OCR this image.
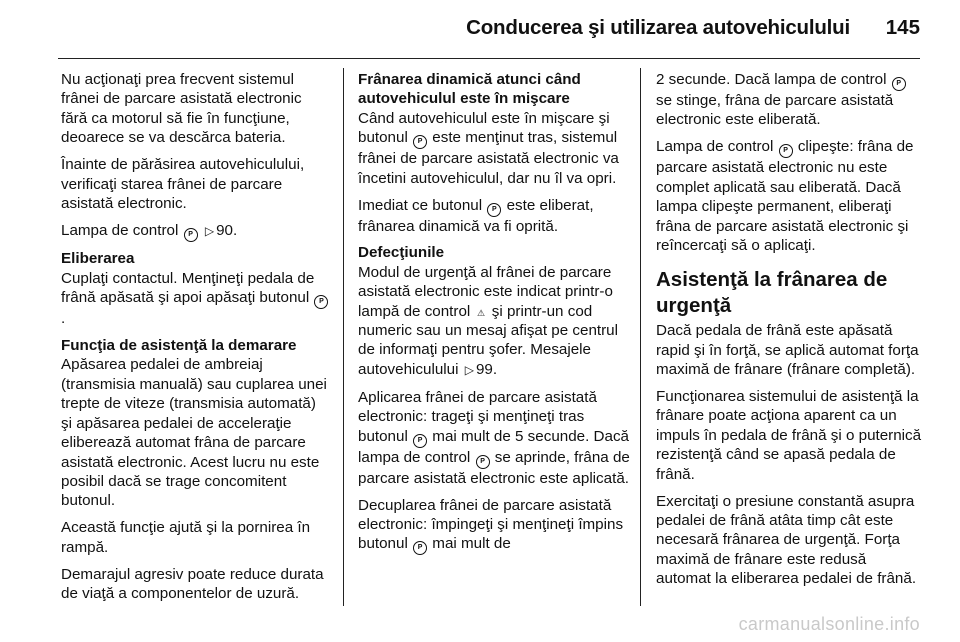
Conducerea şi utilizarea autovehiculului 145

Nu acţionaţi prea frecvent sistemul frânei de parcare asistată electronic fără ca motorul să fie în funcţiune, deoarece se va descărca bateria.

Înainte de părăsirea autovehiculului, verificaţi starea frânei de parcare asistată electronic.

Lampa de control P ▷ 90.

Eliberarea
Cuplaţi contactul. Menţineţi pedala de frână apăsată şi apoi apăsaţi butonul P.

Funcţia de asistenţă la demarare
Apăsarea pedalei de ambreiaj (transmisia manuală) sau cuplarea unei trepte de viteze (transmisia automată) şi apăsarea pedalei de acceleraţie eliberează automat frâna de parcare asistată electronic. Acest lucru nu este posibil dacă se trage concomitent butonul.

Această funcţie ajută şi la pornirea în rampă.

Demarajul agresiv poate reduce durata de viaţă a componentelor de uzură.

Frânarea dinamică atunci când autovehiculul este în mişcare
Când autovehiculul este în mişcare şi butonul P este menţinut tras, sistemul frânei de parcare asistată electronic va încetini autovehiculul, dar nu îl va opri.

Imediat ce butonul P este eliberat, frânarea dinamică va fi oprită.

Defecţiunile
Modul de urgenţă al frânei de parcare asistată electronic este indicat printr-o lampă de control ⚠ şi printr-un cod numeric sau un mesaj afişat pe centrul de informaţi pentru şofer. Mesajele autovehiculului ▷ 99.

Aplicarea frânei de parcare asistată electronic: trageţi şi menţineţi tras butonul P mai mult de 5 secunde. Dacă lampa de control P se aprinde, frâna de parcare asistată electronic este aplicată.

Decuplarea frânei de parcare asistată electronic: împingeţi şi menţineţi împins butonul P mai mult de

2 secunde. Dacă lampa de control P se stinge, frâna de parcare asistată electronic este eliberată.

Lampa de control P clipeşte: frâna de parcare asistată electronic nu este complet aplicată sau eliberată. Dacă lampa clipeşte permanent, eliberaţi frâna de parcare asistată electronic şi reîncercaţi să o aplicaţi.

Asistenţă la frânarea de urgenţă

Dacă pedala de frână este apăsată rapid şi în forţă, se aplică automat forţa maximă de frânare (frânare completă).

Funcţionarea sistemului de asistenţă la frânare poate acţiona aparent ca un impuls în pedala de frână şi o puternică rezistenţă când se apasă pedala de frână.

Exercitaţi o presiune constantă asupra pedalei de frână atâta timp cât este necesară frânarea de urgenţă. Forţa maximă de frânare este redusă automat la eliberarea pedalei de frână.

carmanualsonline.info
